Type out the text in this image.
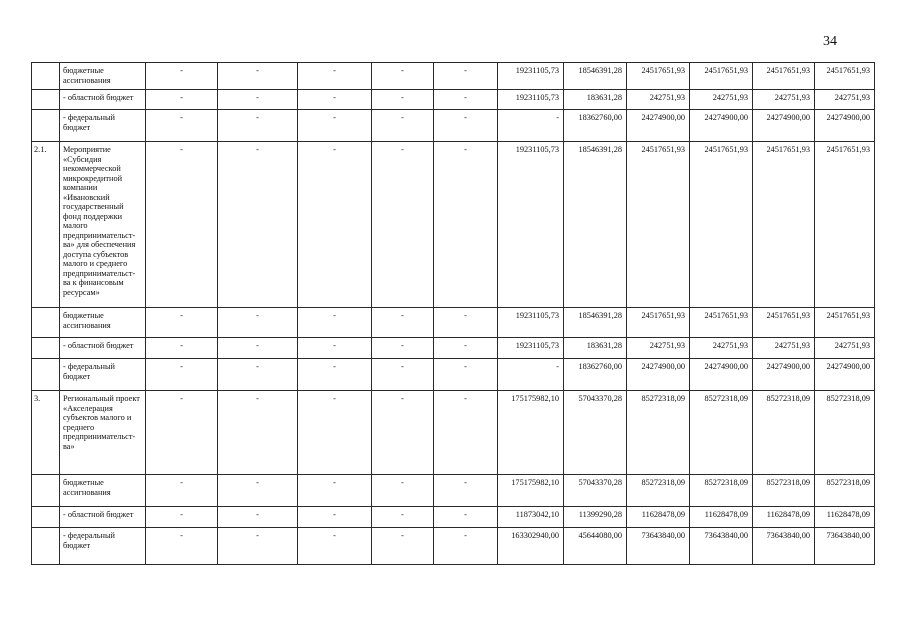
34
	бюджетные ассигнования	-	-	-	-	-	19231105,73	18546391,28	24517651,93	24517651,93	24517651,93	24517651,93
	- областной бюджет	-	-	-	-	-	19231105,73	183631,28	242751,93	242751,93	242751,93	242751,93
	- федеральный бюджет	-	-	-	-	-	-	18362760,00	24274900,00	24274900,00	24274900,00	24274900,00
2.1.	Мероприятие «Субсидия некоммерческой микрокредитной компании «Ивановский государственный фонд поддержки малого предпринимательст-ва» для обеспечения доступа субъектов малого и среднего предпринимательст-ва к финансовым ресурсам»	-	-	-	-	-	19231105,73	18546391,28	24517651,93	24517651,93	24517651,93	24517651,93
	бюджетные ассигнования	-	-	-	-	-	19231105,73	18546391,28	24517651,93	24517651,93	24517651,93	24517651,93
	- областной бюджет	-	-	-	-	-	19231105,73	183631,28	242751,93	242751,93	242751,93	242751,93
	- федеральный бюджет	-	-	-	-	-	-	18362760,00	24274900,00	24274900,00	24274900,00	24274900,00
3.	Региональный проект «Акселерация субъектов малого и среднего предпринимательст-ва»	-	-	-	-	-	175175982,10	57043370,28	85272318,09	85272318,09	85272318,09	85272318,09
	бюджетные ассигнования	-	-	-	-	-	175175982,10	57043370,28	85272318,09	85272318,09	85272318,09	85272318,09
	- областной бюджет	-	-	-	-	-	11873042,10	11399290,28	11628478,09	11628478,09	11628478,09	11628478,09
	- федеральный бюджет	-	-	-	-	-	163302940,00	45644080,00	73643840,00	73643840,00	73643840,00	73643840,00
